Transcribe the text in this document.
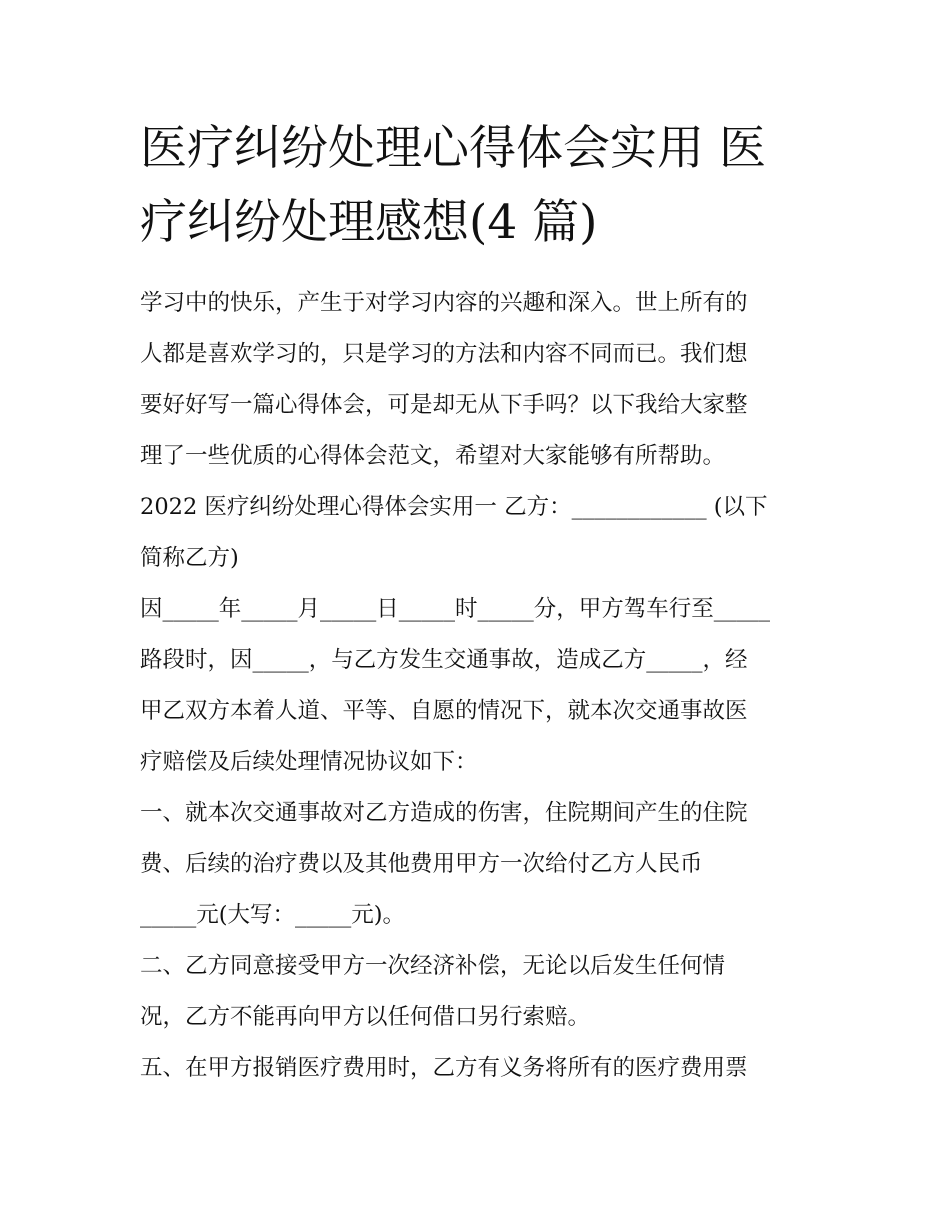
医疗纠纷处理心得体会实用 医
疗纠纷处理感想(4 篇)

学习中的快乐，产生于对学习内容的兴趣和深入。世上所有的

人都是喜欢学习的，只是学习的方法和内容不同而已。我们想

要好好写一篇心得体会，可是却无从下手吗？以下我给大家整

理了一些优质的心得体会范文，希望对大家能够有所帮助。

2022 医疗纠纷处理心得体会实用一 乙方：____________ (以下

简称乙方)

因_____年_____月_____日_____时_____分，甲方驾车行至_____

路段时，因_____，与乙方发生交通事故，造成乙方_____，经

甲乙双方本着人道、平等、自愿的情况下，就本次交通事故医

疗赔偿及后续处理情况协议如下：

一、就本次交通事故对乙方造成的伤害，住院期间产生的住院

费、后续的治疗费以及其他费用甲方一次给付乙方人民币

_____元(大写：_____元)。

二、乙方同意接受甲方一次经济补偿，无论以后发生任何情

况，乙方不能再向甲方以任何借口另行索赔。

五、在甲方报销医疗费用时，乙方有义务将所有的医疗费用票
